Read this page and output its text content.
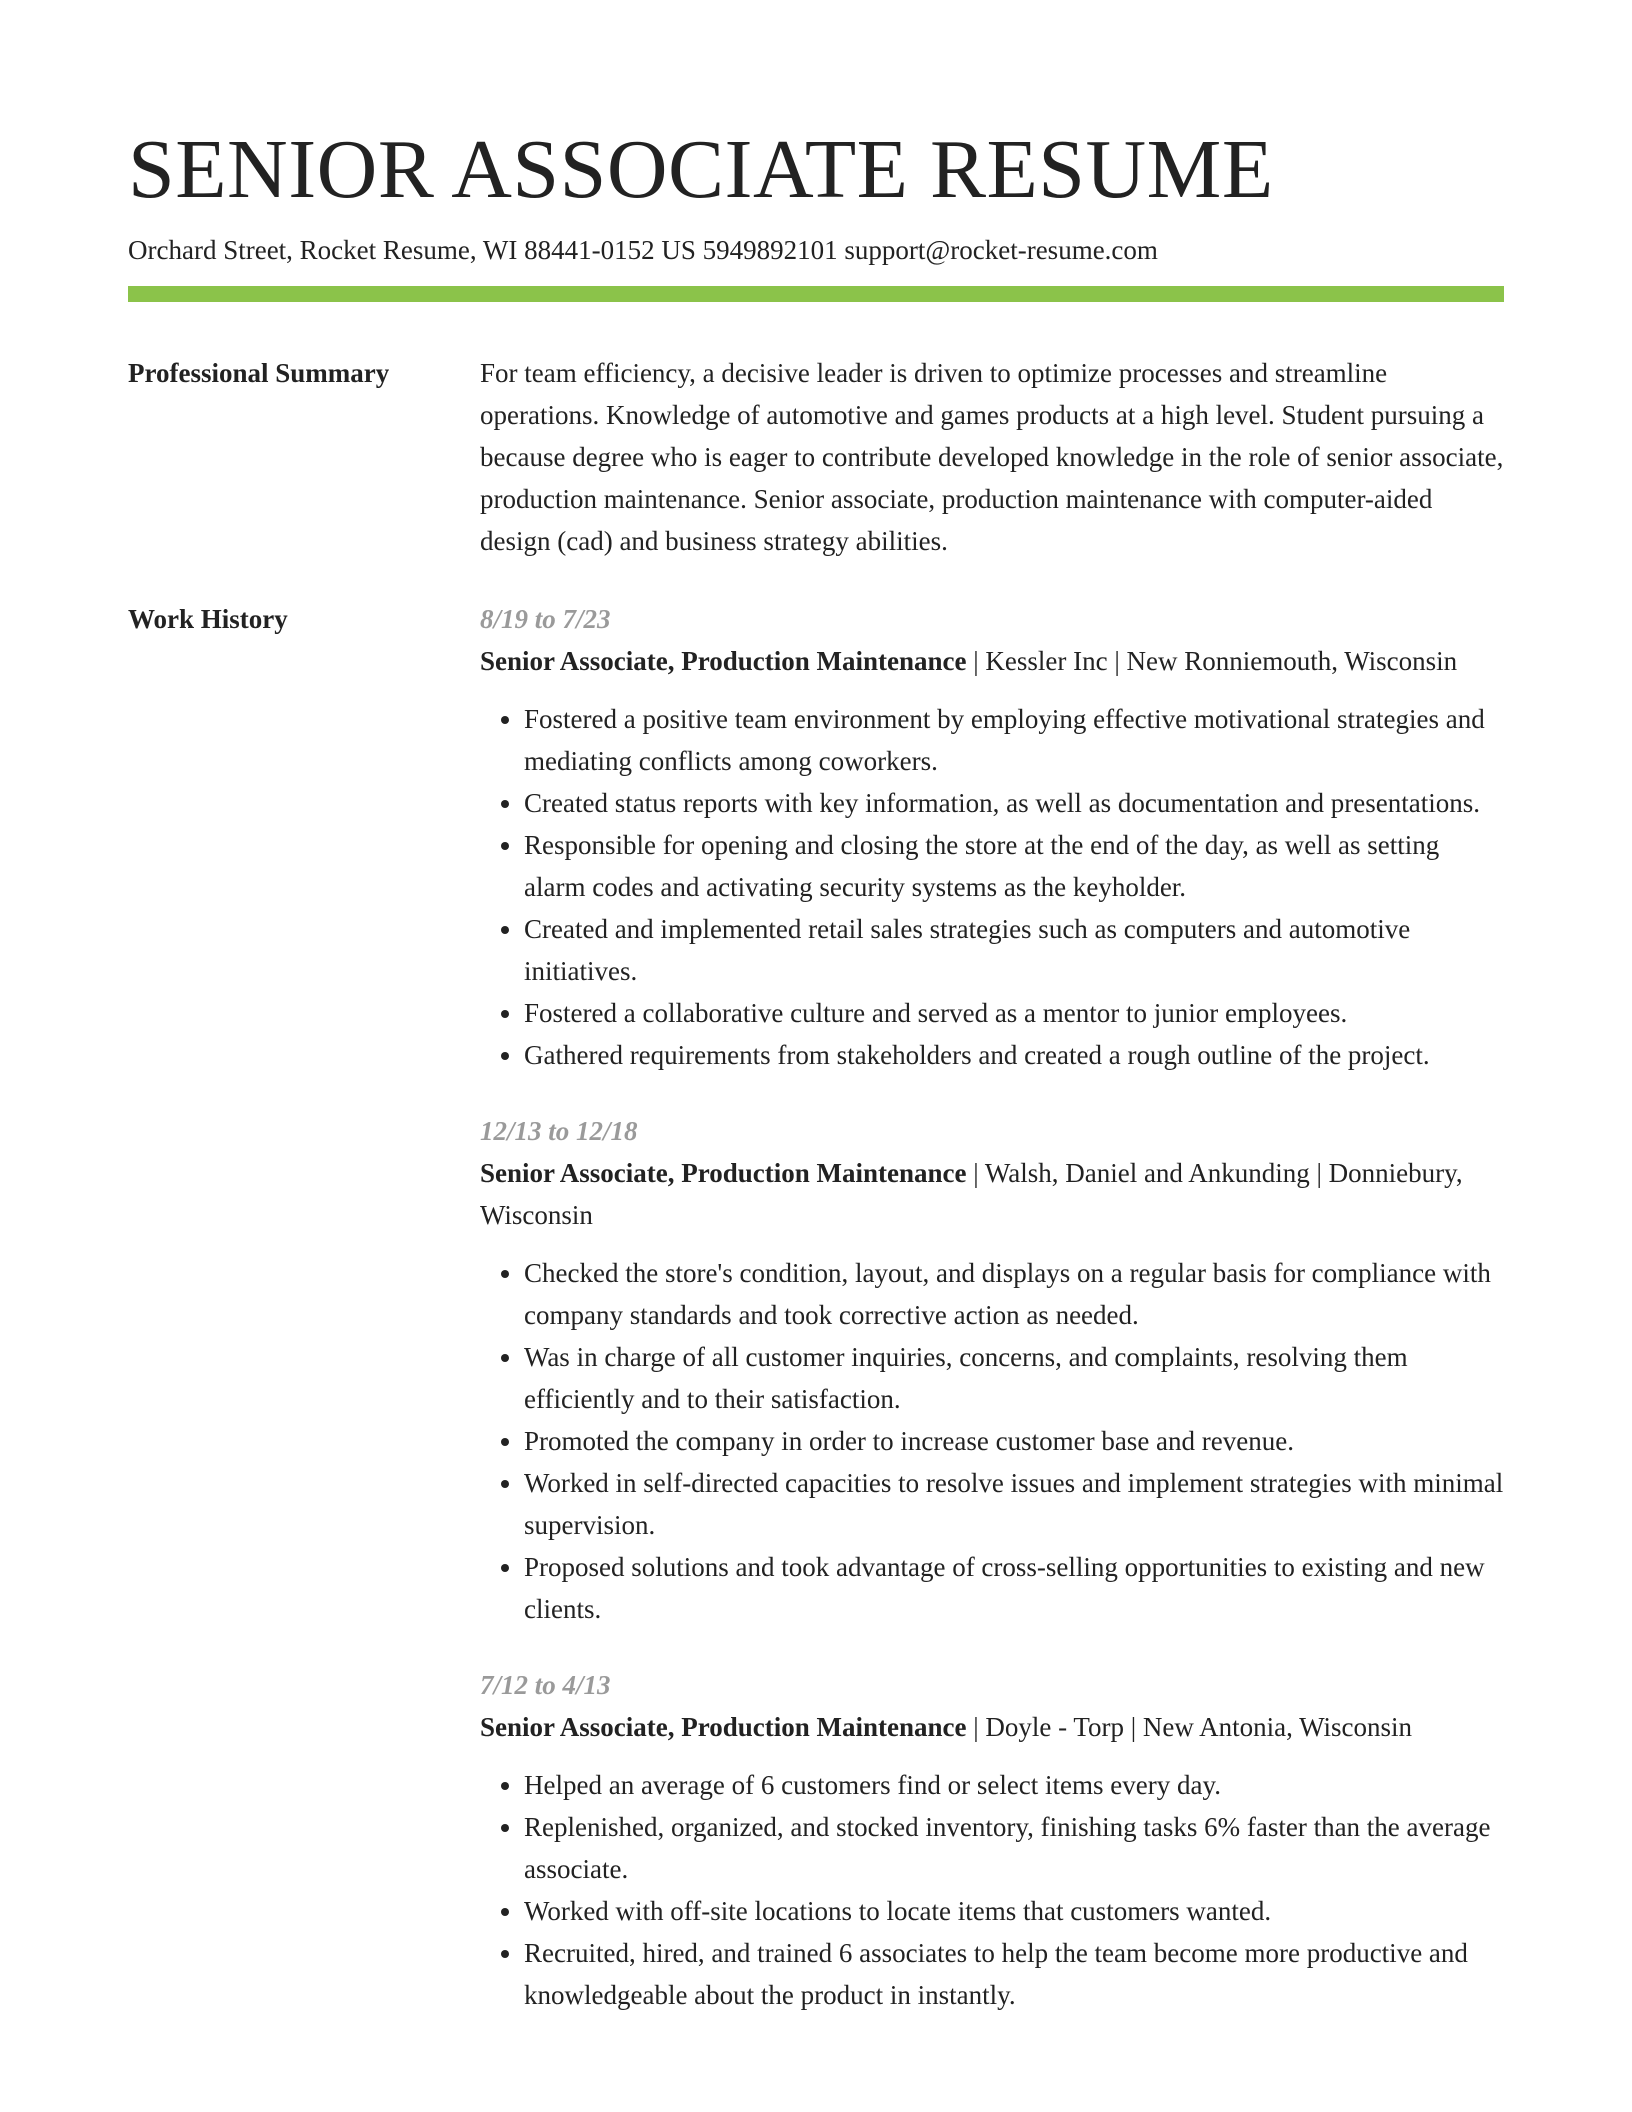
SENIOR ASSOCIATE RESUME
Orchard Street, Rocket Resume, WI 88441-0152 US 5949892101 support@rocket-resume.com
Professional Summary	For team efficiency, a decisive leader is driven to optimize processes and streamline operations. Knowledge of automotive and games products at a high level. Student pursuing a because degree who is eager to contribute developed knowledge in the role of senior associate, production maintenance. Senior associate, production maintenance with computer-aided design (cad) and business strategy abilities.
Work History	8/19 to 7/23
Senior Associate, Production Maintenance | Kessler Inc | New Ronniemouth, Wisconsin
• Fostered a positive team environment by employing effective motivational strategies and mediating conflicts among coworkers.
• Created status reports with key information, as well as documentation and presentations.
• Responsible for opening and closing the store at the end of the day, as well as setting alarm codes and activating security systems as the keyholder.
• Created and implemented retail sales strategies such as computers and automotive initiatives.
• Fostered a collaborative culture and served as a mentor to junior employees.
• Gathered requirements from stakeholders and created a rough outline of the project.
12/13 to 12/18
Senior Associate, Production Maintenance | Walsh, Daniel and Ankunding | Donniebury, Wisconsin
• Checked the store's condition, layout, and displays on a regular basis for compliance with company standards and took corrective action as needed.
• Was in charge of all customer inquiries, concerns, and complaints, resolving them efficiently and to their satisfaction.
• Promoted the company in order to increase customer base and revenue.
• Worked in self-directed capacities to resolve issues and implement strategies with minimal supervision.
• Proposed solutions and took advantage of cross-selling opportunities to existing and new clients.
7/12 to 4/13
Senior Associate, Production Maintenance | Doyle - Torp | New Antonia, Wisconsin
• Helped an average of 6 customers find or select items every day.
• Replenished, organized, and stocked inventory, finishing tasks 6% faster than the average associate.
• Worked with off-site locations to locate items that customers wanted.
• Recruited, hired, and trained 6 associates to help the team become more productive and knowledgeable about the product in instantly.
